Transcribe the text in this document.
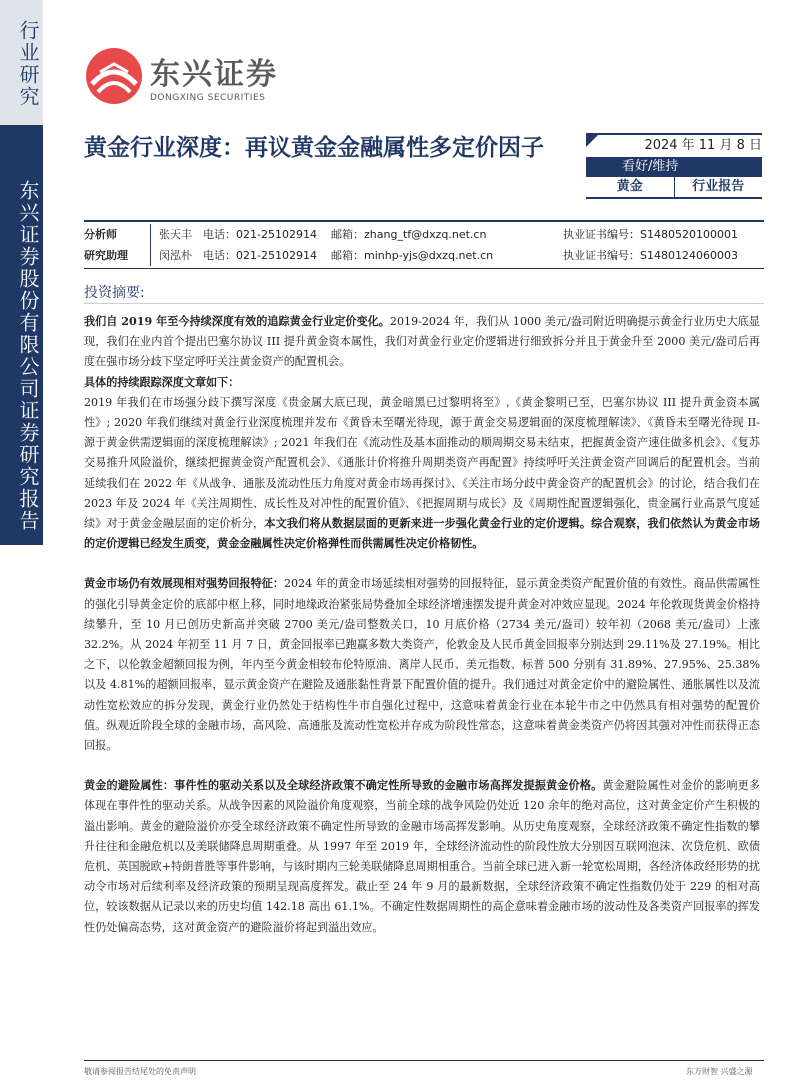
行业研究
东兴证券股份有限公司证券研究报告
东兴证券
DONGXING SECURITIES
黄金行业深度：再议黄金金融属性多定价因子	2024 年 11 月 8 日
看好/维持
黄金	行业报告
分析师	张天丰	电话：021-25102914	邮箱：zhang_tf@dxzq.net.cn	执业证书编号：S1480520100001
研究助理	闵泓朴	电话：021-25102914	邮箱：minhp-yjs@dxzq.net.cn	执业证书编号：S1480124060003
投资摘要:

我们自 2019 年至今持续深度有效的追踪黄金行业定价变化。2019-2024 年，我们从 1000 美元/盎司附近明确提示黄金行业历史大底显现，我们在业内首个提出巴塞尔协议 III 提升黄金资本属性，我们对黄金行业定价逻辑进行细致拆分并且于黄金升至 2000 美元/盎司后再度在强市场分歧下坚定呼吁关注黄金资产的配置机会。

具体的持续跟踪深度文章如下：

2019 年我们在市场强分歧下撰写深度《贵金属大底已现，黄金暗黑已过黎明将至》,《黄金黎明已至，巴塞尔协议 III 提升黄金资本属性》; 2020 年我们继续对黄金行业深度梳理并发布《黄昏未至曙光待现，源于黄金交易逻辑面的深度梳理解读》、《黄昏未至曙光待现 II-源于黄金供需逻辑面的深度梳理解读》; 2021 年我们在《流动性及基本面推动的顺周期交易未结束，把握黄金资产速住做多机会》、《复苏交易推升风险溢价，继续把握黄金资产配置机会》、《通胀计价将推升周期类资产再配置》持续呼吁关注黄金资产回调后的配置机会。当前延续我们在 2022 年《从战争、通胀及流动性压力角度对黄金市场再探讨》、《关注市场分歧中黄金资产的配置机会》的讨论，结合我们在 2023 年及 2024 年《关注周期性、成长性及对冲性的配置价值》、《把握周期与成长》及《周期性配置逻辑强化，贵金属行业高景气度延续》对于黄金金融层面的定价析分，本文我们将从数据层面的更新来进一步强化黄金行业的定价逻辑。综合观察，我们依然认为黄金市场的定价逻辑已经发生质变，黄金金融属性决定价格弹性而供需属性决定价格韧性。

黄金市场仍有效展现相对强势回报特征：2024 年的黄金市场延续相对强势的回报特征，显示黄金类资产配置价值的有效性。商品供需属性的强化引导黄金定价的底部中枢上移，同时地缘政治紧张局势叠加全球经济增速摆发提升黄金对冲效应显现。2024 年伦敦现货黄金价格持续攀升，至 10 月已创历史新高并突破 2700 美元/盎司整数关口，10 月底价格（2734 美元/盎司）较年初（2068 美元/盎司）上涨 32.2%。从 2024 年初至 11 月 7 日，黄金回报率已跑赢多数大类资产，伦敦金及人民币黄金回报率分别达到 29.11%及 27.19%。相比之下，以伦敦金超额回报为例，年内至今黄金相较布伦特原油、离岸人民币、美元指数、标普 500 分别有 31.89%、27.95%、25.38%以及 4.81%的超额回报率，显示黄金资产在避险及通胀黏性背景下配置价值的提升。我们通过对黄金定价中的避险属性、通胀属性以及流动性宽松效应的拆分发现，黄金行业仍然处于结构性牛市自强化过程中，这意味着黄金行业在本轮牛市之中仍然具有相对强势的配置价值。纵观近阶段全球的金融市场，高风险、高通胀及流动性宽松并存成为阶段性常态，这意味着黄金类资产仍将因其强对冲性而获得正态回报。

黄金的避险属性：事件性的驱动关系以及全球经济政策不确定性所导致的金融市场高挥发提振黄金价格。黄金避险属性对金价的影响更多体现在事件性的驱动关系。从战争因素的风险溢价角度观察，当前全球的战争风险仍处近 120 余年的绝对高位，这对黄金定价产生积极的溢出影响。黄金的避险溢价亦受全球经济政策不确定性所导致的金融市场高挥发影响。从历史角度观察，全球经济政策不确定性指数的攀升往往和金融危机以及美联储降息周期重叠。从 1997 年至 2019 年，全球经济流动性的阶段性放大分别因互联网泡沫、次贷危机、欧债危机、英国脱欧+特朗普胜等事件影响，与该时期内三轮美联储降息周期相重合。当前全球已进入新一轮宽松周期，各经济体政经形势的扰动令市场对后续利率及经济政策的预期呈现高度挥发。截止至 24 年 9 月的最新数据，全球经济政策不确定性指数仍处于 229 的相对高位，较该数据从记录以来的历史均值 142.18 高出 61.1%。不确定性数据周期性的高企意味着金融市场的波动性及各类资产回报率的挥发性仍处偏高态势，这对黄金资产的避险溢价将起到溢出效应。

敬请参阅报告结尾处的免责声明	东方财智 兴盛之源
